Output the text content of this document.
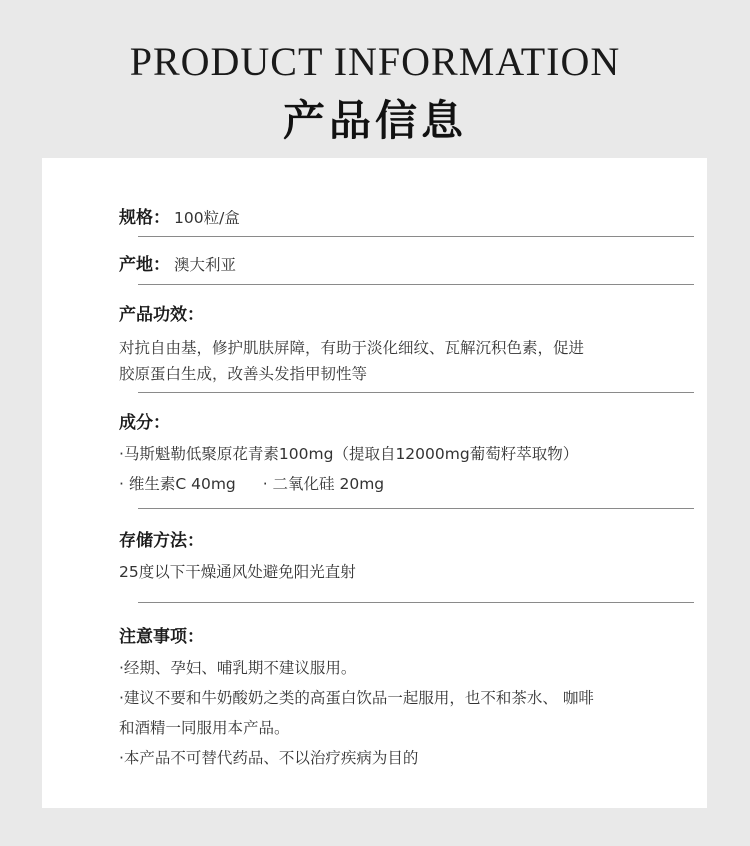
PRODUCT INFORMATION
产品信息
规格： 100粒/盒
产地： 澳大利亚
产品功效：
对抗自由基，修护肌肤屏障，有助于淡化细纹、瓦解沉积色素，促进
胶原蛋白生成，改善头发指甲韧性等
成分：
·马斯魁勒低聚原花青素100mg（提取自12000mg葡萄籽萃取物）
· 维生素C 40mg · 二氧化硅 20mg
存储方法：
25度以下干燥通风处避免阳光直射
注意事项：
·经期、孕妇、哺乳期不建议服用。
·建议不要和牛奶酸奶之类的高蛋白饮品一起服用，也不和茶水、 咖啡
和酒精一同服用本产品。
·本产品不可替代药品、不以治疗疾病为目的
